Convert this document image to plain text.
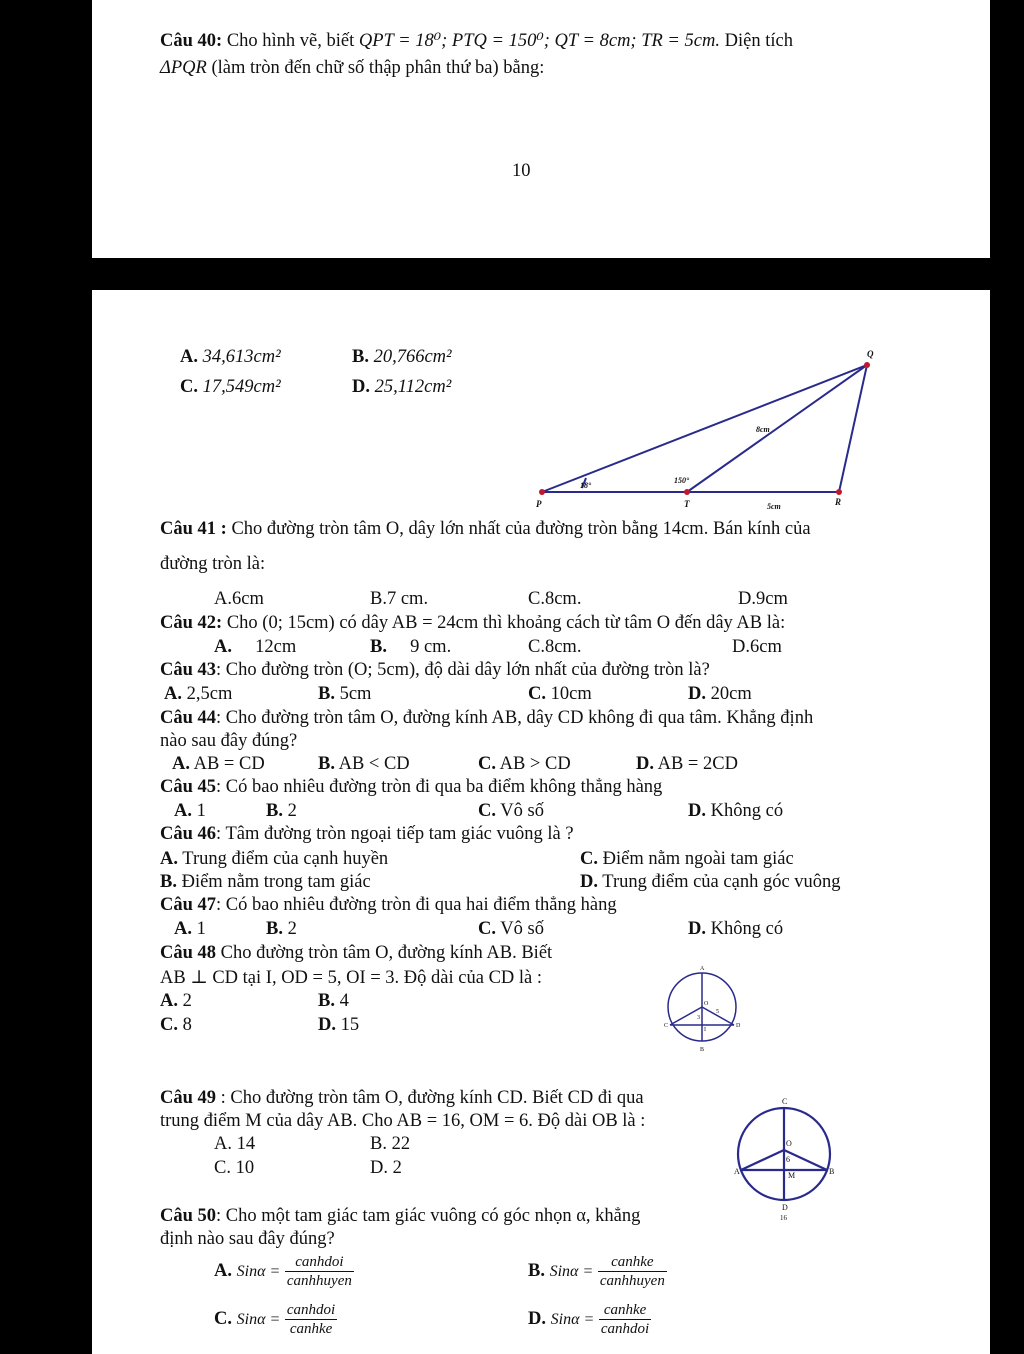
Câu 40: Cho hình vẽ, biết QPT = 18⁰; PTQ = 150⁰; QT = 8cm; TR = 5cm. Diện tích
ΔPQR (làm tròn đến chữ số thập phân thứ ba) bằng:
10
A. 34,613cm²	B. 20,766cm²
C. 17,549cm²	D. 25,112cm²
P
Q
T	R
8cm
5cm
18°
150°
Câu 41 : Cho đường tròn tâm O, dây lớn nhất của đường tròn bằng 14cm. Bán kính của
đường tròn là:
A.6cm	B.7 cm.	C.8cm.	D.9cm
Câu 42: Cho (0; 15cm) có dây AB = 24cm thì khoảng cách từ tâm O đến dây AB là:
A. 12cm	B. 9 cm.	C.8cm.	D.6cm
Câu 43: Cho đường tròn (O; 5cm), độ dài dây lớn nhất của đường tròn là?
A. 2,5cm	B. 5cm	C. 10cm	D. 20cm
Câu 44: Cho đường tròn tâm O, đường kính AB, dây CD không đi qua tâm. Khẳng định
nào sau đây đúng?
A. AB = CD	B. AB < CD	C. AB > CD	D. AB = 2CD
Câu 45: Có bao nhiêu đường tròn đi qua ba điểm không thẳng hàng
A. 1	B. 2	C. Vô số	D. Không có
Câu 46: Tâm đường tròn ngoại tiếp tam giác vuông là ?
A. Trung điểm của cạnh huyền	C. Điểm nằm ngoài tam giác
B. Điểm nằm trong tam giác	D. Trung điểm của cạnh góc vuông
Câu 47: Có bao nhiêu đường tròn đi qua hai điểm thẳng hàng
A. 1	B. 2	C. Vô số	D. Không có
Câu 48 Cho đường tròn tâm O, đường kính AB. Biết
AB ⊥ CD tại I, OD = 5, OI = 3. Độ dài của CD là :
A. 2	B. 4
C. 8	D. 15
A
B
C	D
O
I
5
3
Câu 49 : Cho đường tròn tâm O, đường kính CD. Biết CD đi qua
trung điểm M của dây AB. Cho AB = 16, OM = 6. Độ dài OB là :
A. 14	B. 22
C. 10	D. 2
C
D
A	B
O
M
6
16
Câu 50: Cho một tam giác tam giác vuông có góc nhọn α, khẳng
định nào sau đây đúng?
A. $Sin\alpha = \frac{\text{canhdoi}}{\text{canhhuyen}}$	B. $Sin\alpha = \frac{\text{canhke}}{\text{canhhuyen}}$
C. $Sin\alpha = \frac{\text{canhdoi}}{\text{canhke}}$	D. $Sin\alpha = \frac{\text{canhke}}{\text{canhdoi}}$
